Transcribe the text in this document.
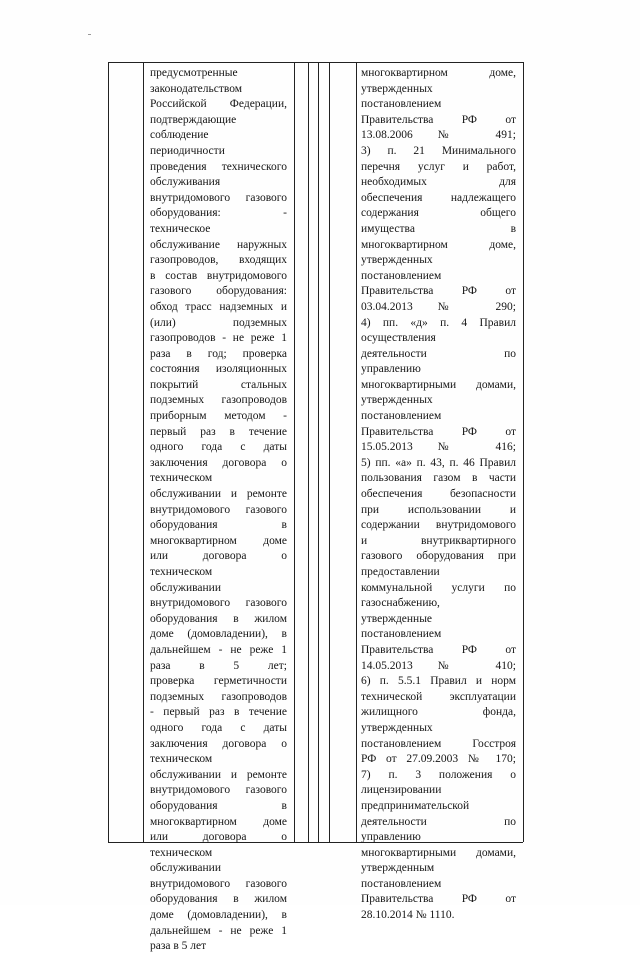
предусмотренные
законодательством
Российской Федерации,
подтверждающие
соблюдение
периодичности
проведения технического
обслуживания
внутридомового газового
оборудования: -
техническое
обслуживание наружных
газопроводов, входящих
в состав внутридомового
газового оборудования:
обход трасс надземных и
(или) подземных
газопроводов - не реже 1
раза в год; проверка
состояния изоляционных
покрытий стальных
подземных газопроводов
приборным методом -
первый раз в течение
одного года с даты
заключения договора о
техническом
обслуживании и ремонте
внутридомового газового
оборудования в
многоквартирном доме
или договора о
техническом
обслуживании
внутридомового газового
оборудования в жилом
доме (домовладении), в
дальнейшем - не реже 1
раза в 5 лет;
проверка герметичности
подземных газопроводов
- первый раз в течение
одного года с даты
заключения договора о
техническом
обслуживании и ремонте
внутридомового газового
оборудования в
многоквартирном доме
или договора о
техническом
обслуживании
внутридомового газового
оборудования в жилом
доме (домовладении), в
дальнейшем - не реже 1
раза в 5 лет
многоквартирном доме,
утвержденных
постановлением
Правительства РФ от
13.08.2006 № 491;
3) п. 21 Минимального
перечня услуг и работ,
необходимых для
обеспечения надлежащего
содержания общего
имущества в
многоквартирном доме,
утвержденных
постановлением
Правительства РФ от
03.04.2013 № 290;
4) пп. «д» п. 4 Правил
осуществления
деятельности по
управлению
многоквартирными домами,
утвержденных
постановлением
Правительства РФ от
15.05.2013 № 416;
5) пп. «а» п. 43, п. 46 Правил
пользования газом в части
обеспечения безопасности
при использовании и
содержании внутридомового
и внутриквартирного
газового оборудования при
предоставлении
коммунальной услуги по
газоснабжению,
утвержденные
постановлением
Правительства РФ от
14.05.2013 № 410;
6) п. 5.5.1 Правил и норм
технической эксплуатации
жилищного фонда,
утвержденных
постановлением Госстроя
РФ от 27.09.2003 № 170;
7) п. 3 положения о
лицензировании
предпринимательской
деятельности по
управлению
многоквартирными домами,
утвержденным
постановлением
Правительства РФ от
28.10.2014 № 1110.
